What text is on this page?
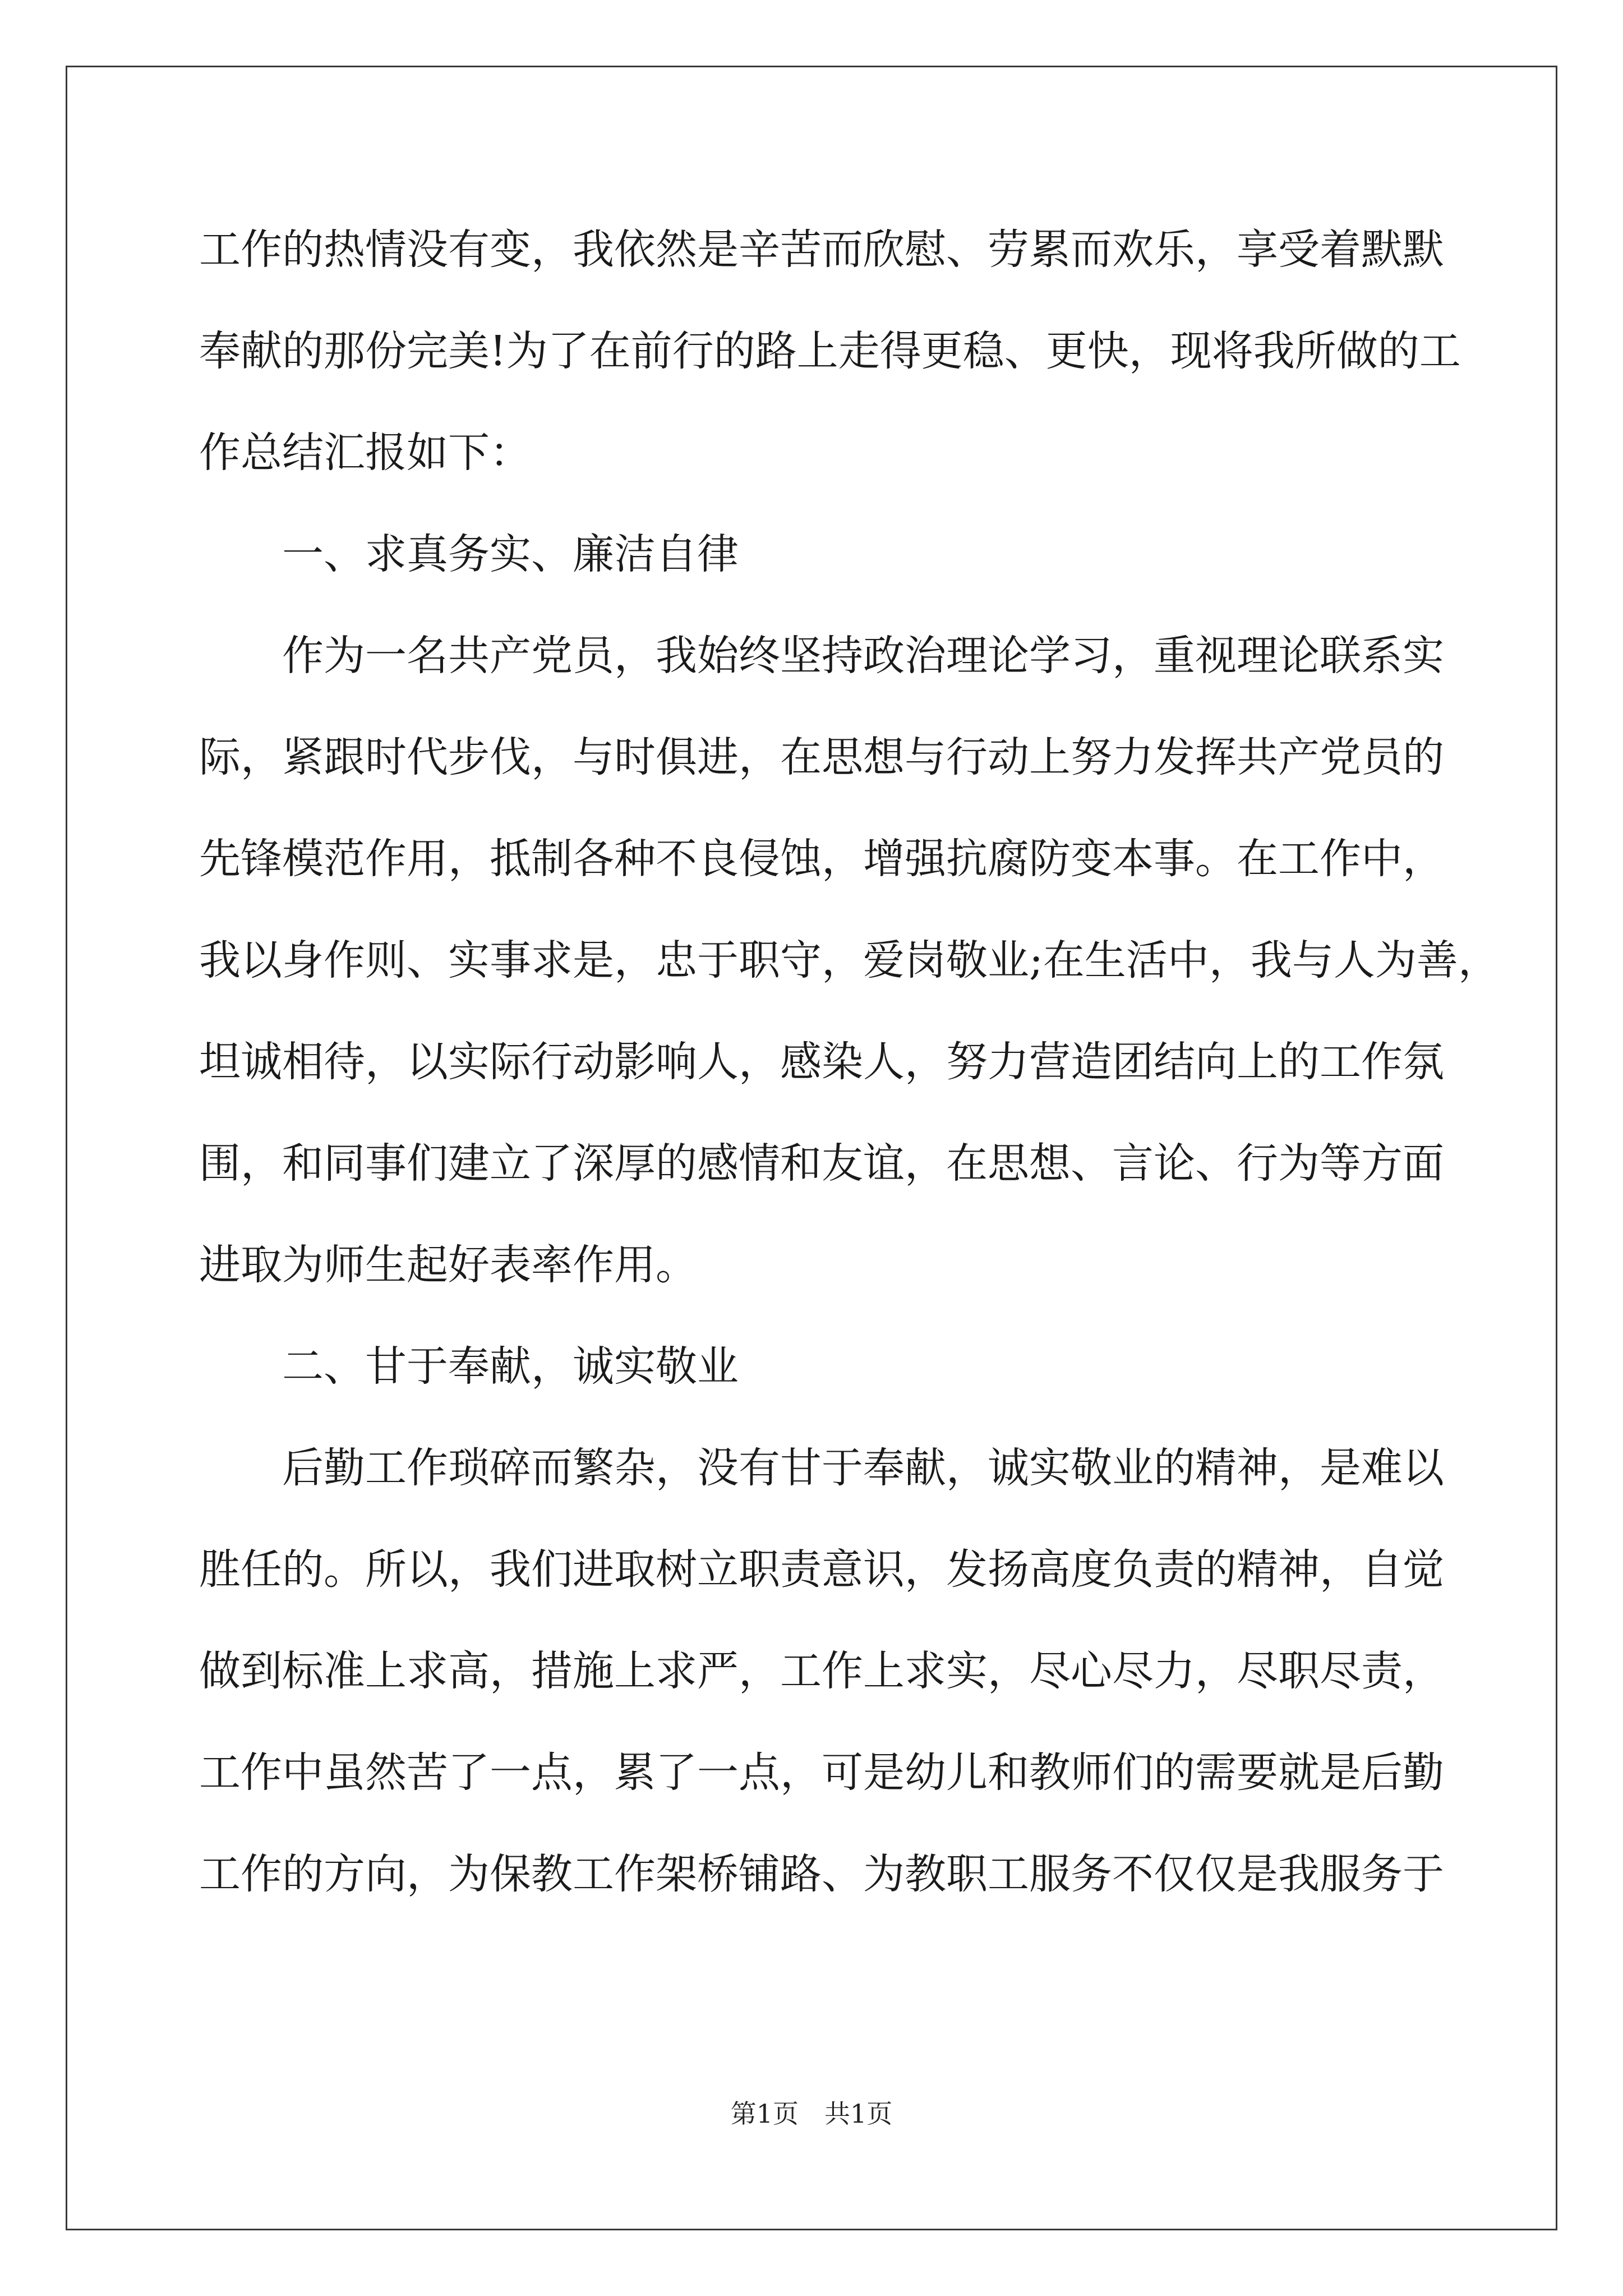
工作的热情没有变，我依然是辛苦而欣慰、劳累而欢乐，享受着默默
奉献的那份完美!为了在前行的路上走得更稳、更快，现将我所做的工
作总结汇报如下：
一、求真务实、廉洁自律
作为一名共产党员，我始终坚持政治理论学习，重视理论联系实
际，紧跟时代步伐，与时俱进，在思想与行动上努力发挥共产党员的
先锋模范作用，抵制各种不良侵蚀，增强抗腐防变本事。在工作中，
我以身作则、实事求是，忠于职守，爱岗敬业;在生活中，我与人为善，
坦诚相待，以实际行动影响人，感染人，努力营造团结向上的工作氛
围，和同事们建立了深厚的感情和友谊，在思想、言论、行为等方面
进取为师生起好表率作用。
二、甘于奉献，诚实敬业
后勤工作琐碎而繁杂，没有甘于奉献，诚实敬业的精神，是难以
胜任的。所以，我们进取树立职责意识，发扬高度负责的精神，自觉
做到标准上求高，措施上求严，工作上求实，尽心尽力，尽职尽责，
工作中虽然苦了一点，累了一点，可是幼儿和教师们的需要就是后勤
工作的方向，为保教工作架桥铺路、为教职工服务不仅仅是我服务于
第1页　共1页
